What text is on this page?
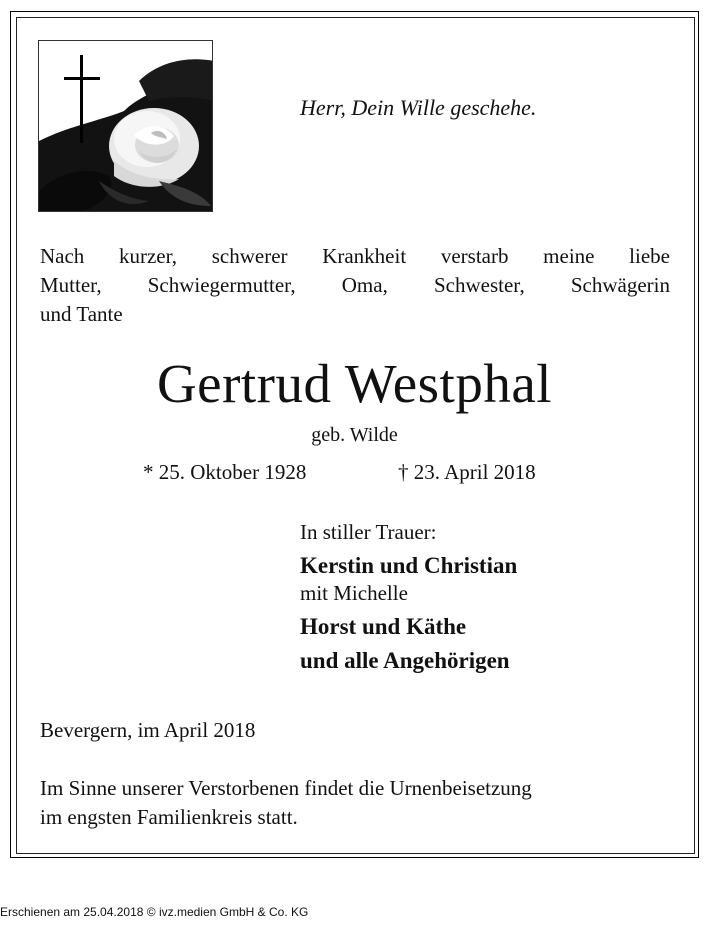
Herr, Dein Wille geschehe.
Nach kurzer, schwerer Krankheit verstarb meine liebe
Mutter, Schwiegermutter, Oma, Schwester, Schwägerin
und Tante
Gertrud Westphal
geb. Wilde
* 25. Oktober 1928	† 23. April 2018
In stiller Trauer:
Kerstin und Christian
mit Michelle
Horst und Käthe
und alle Angehörigen
Bevergern, im April 2018
Im Sinne unserer Verstorbenen findet die Urnenbeisetzung
im engsten Familienkreis statt.
Erschienen am 25.04.2018 © ivz.medien GmbH & Co. KG
